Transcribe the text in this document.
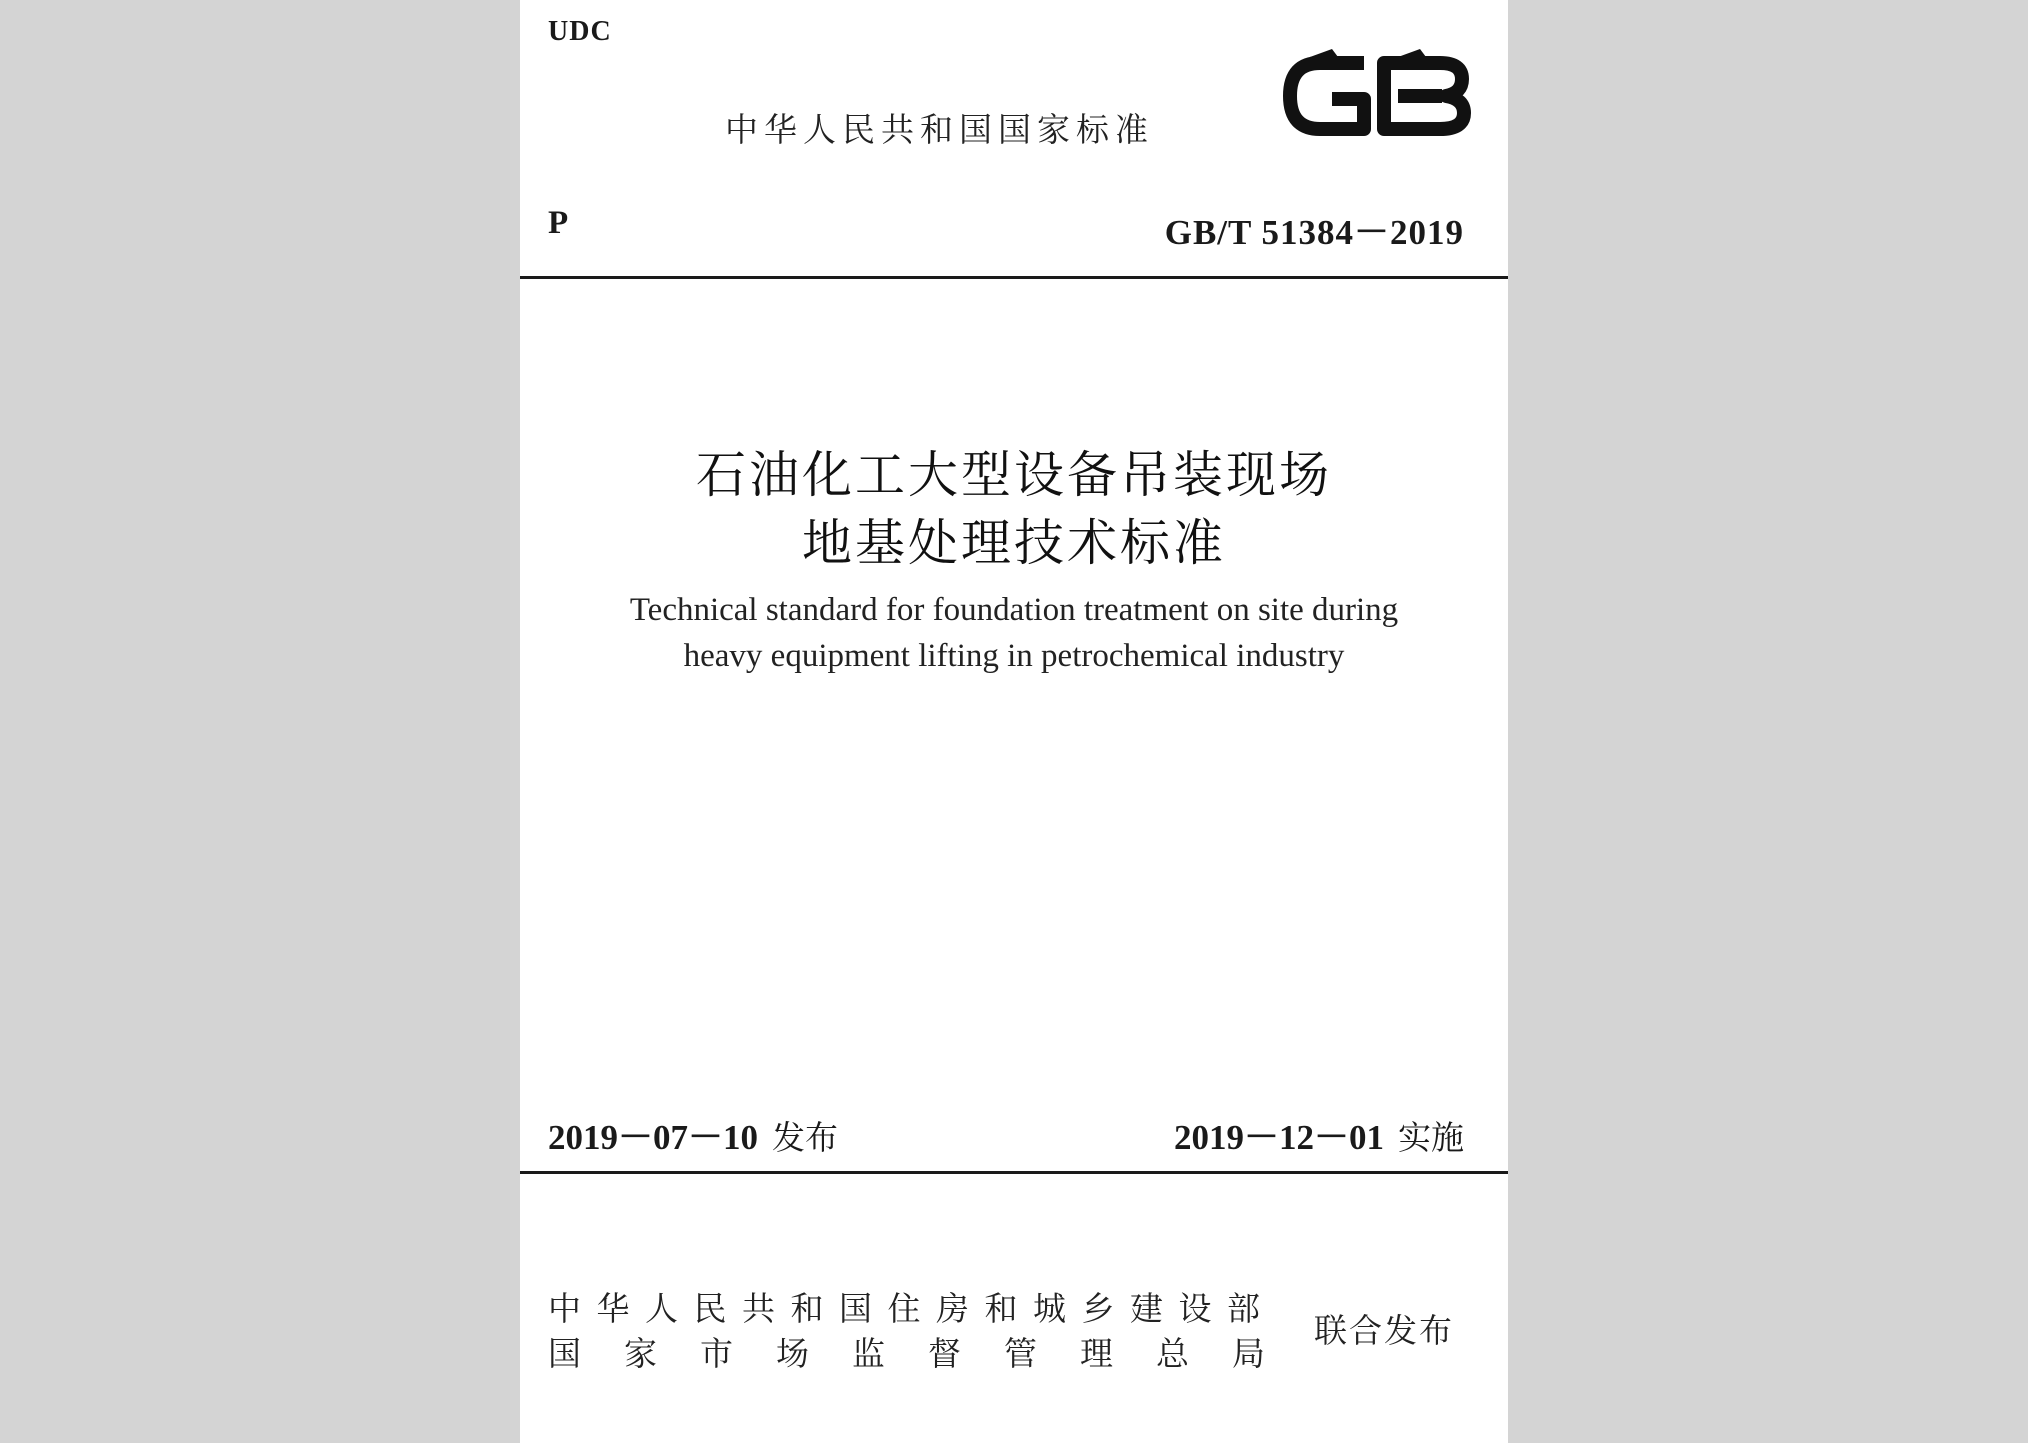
UDC
中华人民共和国国家标准
P	GB/T 51384－2019
石油化工大型设备吊装现场
地基处理技术标准
Technical standard for foundation treatment on site during
heavy equipment lifting in petrochemical industry
2019－07－10 发布	2019－12－01 实施
中华人民共和国住房和城乡建设部
国家市场监督管理总局
联合发布
